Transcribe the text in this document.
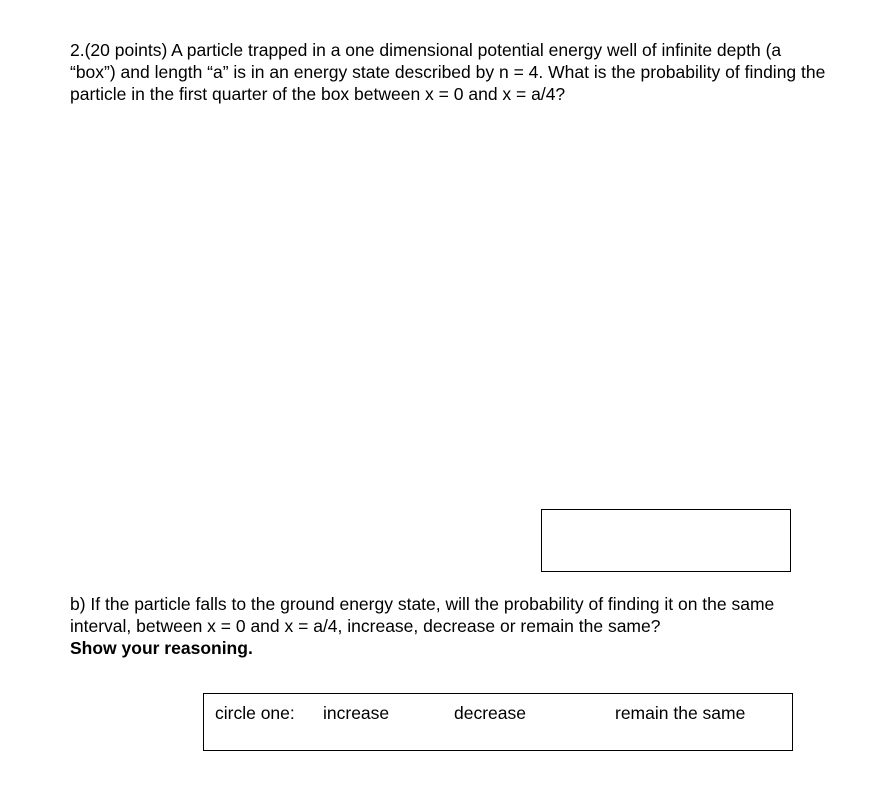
2.(20 points) A particle trapped in a one dimensional potential energy well of infinite depth (a “box”) and length “a” is in an energy state described by n = 4. What is the probability of finding the particle in the first quarter of the box between x = 0 and x = a/4?
b) If the particle falls to the ground energy state, will the probability of finding it on the same interval, between x = 0 and x = a/4, increase, decrease or remain the same?
Show your reasoning.
circle one: increase	decrease	remain the same
